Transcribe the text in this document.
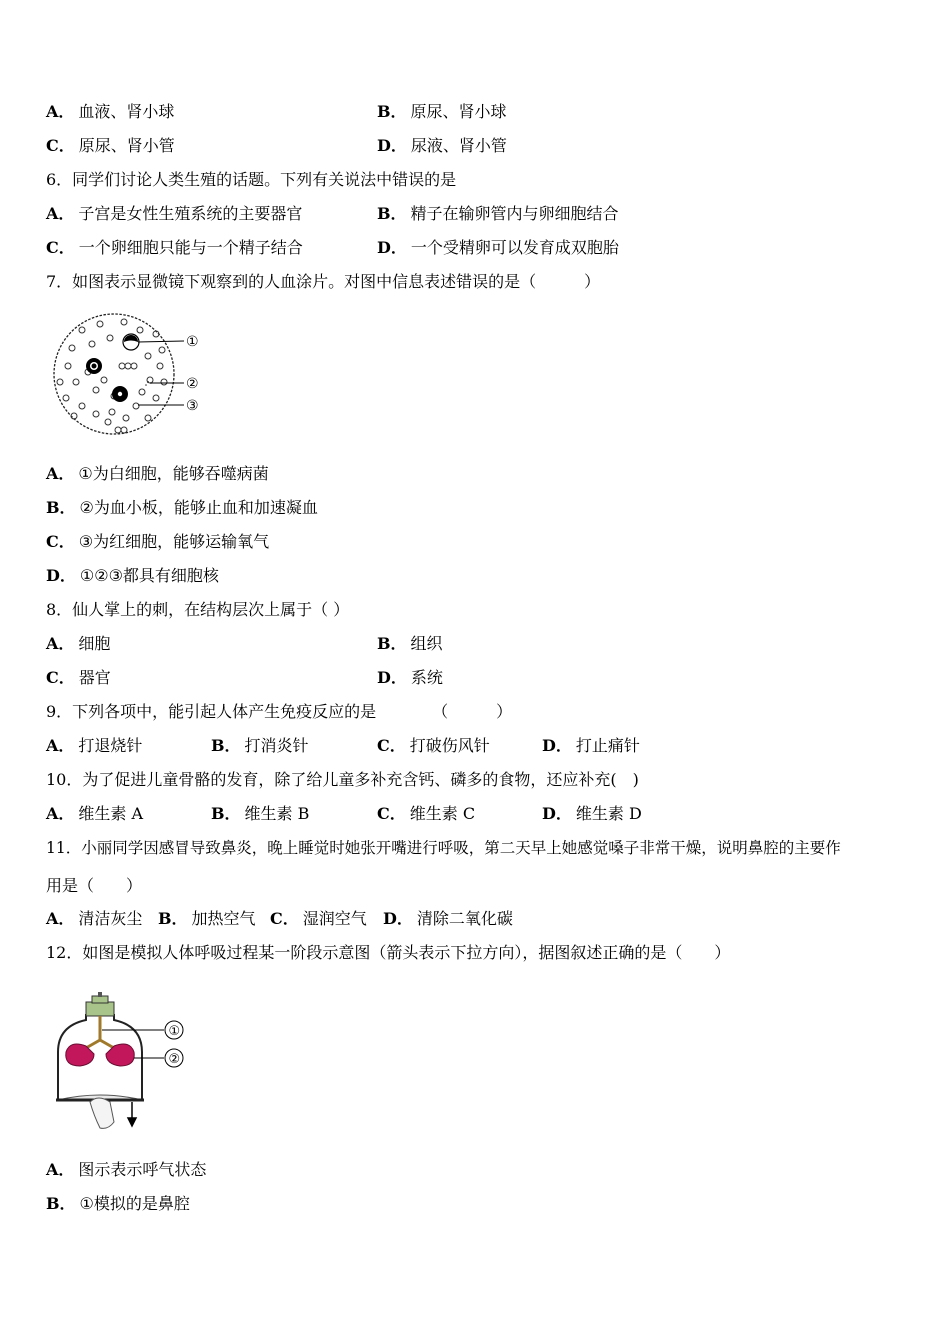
A． 血液、肾小球	B． 原尿、肾小球
C． 原尿、肾小管	D． 尿液、肾小管
6．同学们讨论人类生殖的话题。下列有关说法中错误的是
A． 子宫是女性生殖系统的主要器官	B． 精子在输卵管内与卵细胞结合
C． 一个卵细胞只能与一个精子结合	D． 一个受精卵可以发育成双胞胎
7．如图表示显微镜下观察到的人血涂片。对图中信息表述错误的是（　　　）
①
②
③
A． ①为白细胞，能够吞噬病菌
B． ②为血小板，能够止血和加速凝血
C． ③为红细胞，能够运输氧气
D． ①②③都具有细胞核
8．仙人掌上的刺，在结构层次上属于（ ）
A． 细胞	B． 组织
C． 器官	D． 系统
9．下列各项中，能引起人体产生免疫反应的是　　　　（　　　）
A． 打退烧针	B． 打消炎针	C． 打破伤风针	D． 打止痛针
10．为了促进儿童骨骼的发育，除了给儿童多补充含钙、磷多的食物，还应补充(　)
A． 维生素 A	B． 维生素 B	C． 维生素 C	D． 维生素 D
11．小丽同学因感冒导致鼻炎，晚上睡觉时她张开嘴进行呼吸，第二天早上她感觉嗓子非常干燥，说明鼻腔的主要作
用是（　　）
A． 清洁灰尘 B． 加热空气 C． 湿润空气 D． 清除二氧化碳
12．如图是模拟人体呼吸过程某一阶段示意图（箭头表示下拉方向），据图叙述正确的是（　　）
①
②
A． 图示表示呼气状态
B． ①模拟的是鼻腔
